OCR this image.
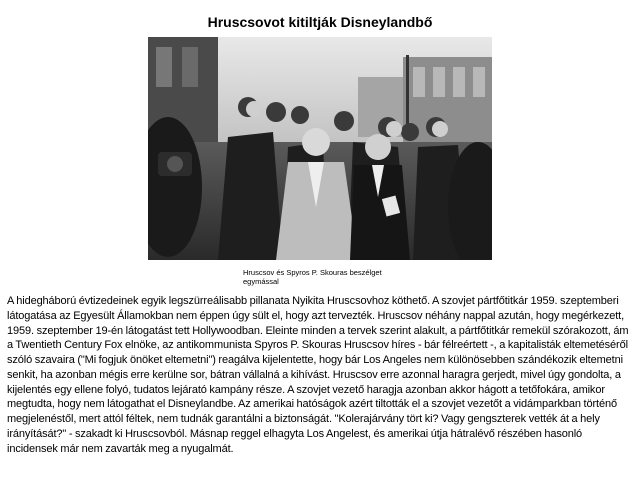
Hruscsovot kitiltják Disneylandbő
Hruscsov és Spyros P. Skouras beszélget
egymással

A hidegháború évtizedeinek egyik legszürreálisabb pillanata Nyikita Hruscsovhoz köthető. A szovjet pártfőtitkár 1959. szeptemberi látogatása az Egyesült Államokban nem éppen úgy sült el, hogy azt tervezték. Hruscsov néhány nappal azután, hogy megérkezett, 1959. szeptember 19-én látogatást tett Hollywoodban. Eleinte minden a tervek szerint alakult, a pártfőtitkár remekül szórakozott, ám a Twentieth Century Fox elnöke, az antikommunista Spyros P. Skouras Hruscsov híres - bár félreértett -, a kapitalisták eltemetéséről szóló szavaira ("Mi fogjuk önöket eltemetni") reagálva kijelentette, hogy bár Los Angeles nem különösebben szándékozik eltemetni senkit, ha azonban mégis erre kerülne sor, bátran vállalná a kihívást. Hruscsov erre azonnal haragra gerjedt, mivel úgy gondolta, a kijelentés egy ellene folyó, tudatos lejárató kampány része. A szovjet vezető haragja azonban akkor hágott a tetőfokára, amikor megtudta, hogy nem látogathat el Disneylandbe. Az amerikai hatóságok azért tiltották el a szovjet vezetőt a vidámparkban történő megjelenéstől, mert attól féltek, nem tudnák garantálni a biztonságát. "Kolerajárvány tört ki? Vagy gengszterek vették át a hely irányítását?" - szakadt ki Hruscsovból. Másnap reggel elhagyta Los Angelest, és amerikai útja hátralévő részében hasonló incidensek már nem zavarták meg a nyugalmát.
